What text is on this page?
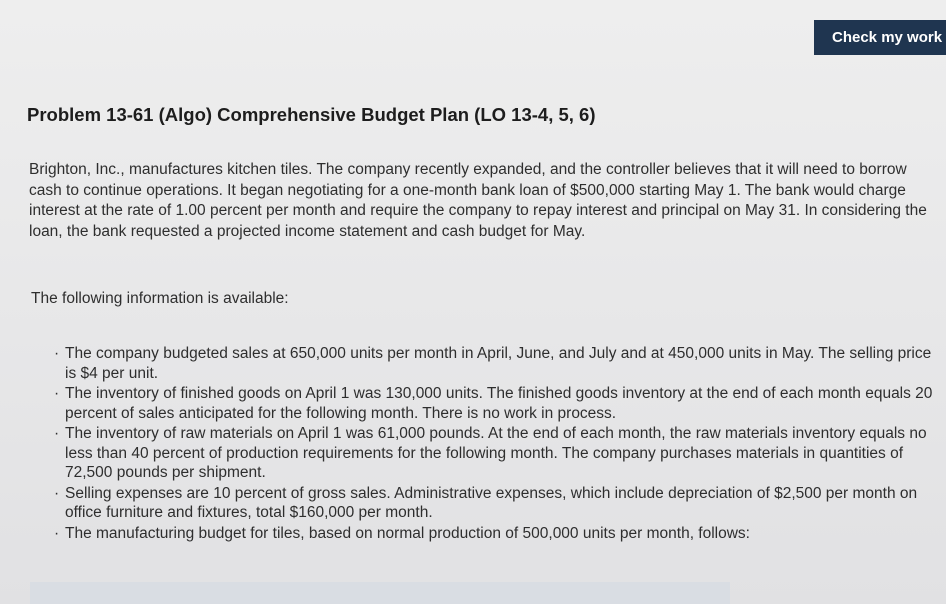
Check my work
Problem 13-61 (Algo) Comprehensive Budget Plan (LO 13-4, 5, 6)

Brighton, Inc., manufactures kitchen tiles. The company recently expanded, and the controller believes that it will need to borrow cash to continue operations. It began negotiating for a one-month bank loan of $500,000 starting May 1. The bank would charge interest at the rate of 1.00 percent per month and require the company to repay interest and principal on May 31. In considering the loan, the bank requested a projected income statement and cash budget for May.

The following information is available:

· The company budgeted sales at 650,000 units per month in April, June, and July and at 450,000 units in May. The selling price is $4 per unit.
· The inventory of finished goods on April 1 was 130,000 units. The finished goods inventory at the end of each month equals 20 percent of sales anticipated for the following month. There is no work in process.
· The inventory of raw materials on April 1 was 61,000 pounds. At the end of each month, the raw materials inventory equals no less than 40 percent of production requirements for the following month. The company purchases materials in quantities of 72,500 pounds per shipment.
· Selling expenses are 10 percent of gross sales. Administrative expenses, which include depreciation of $2,500 per month on office furniture and fixtures, total $160,000 per month.
· The manufacturing budget for tiles, based on normal production of 500,000 units per month, follows:
